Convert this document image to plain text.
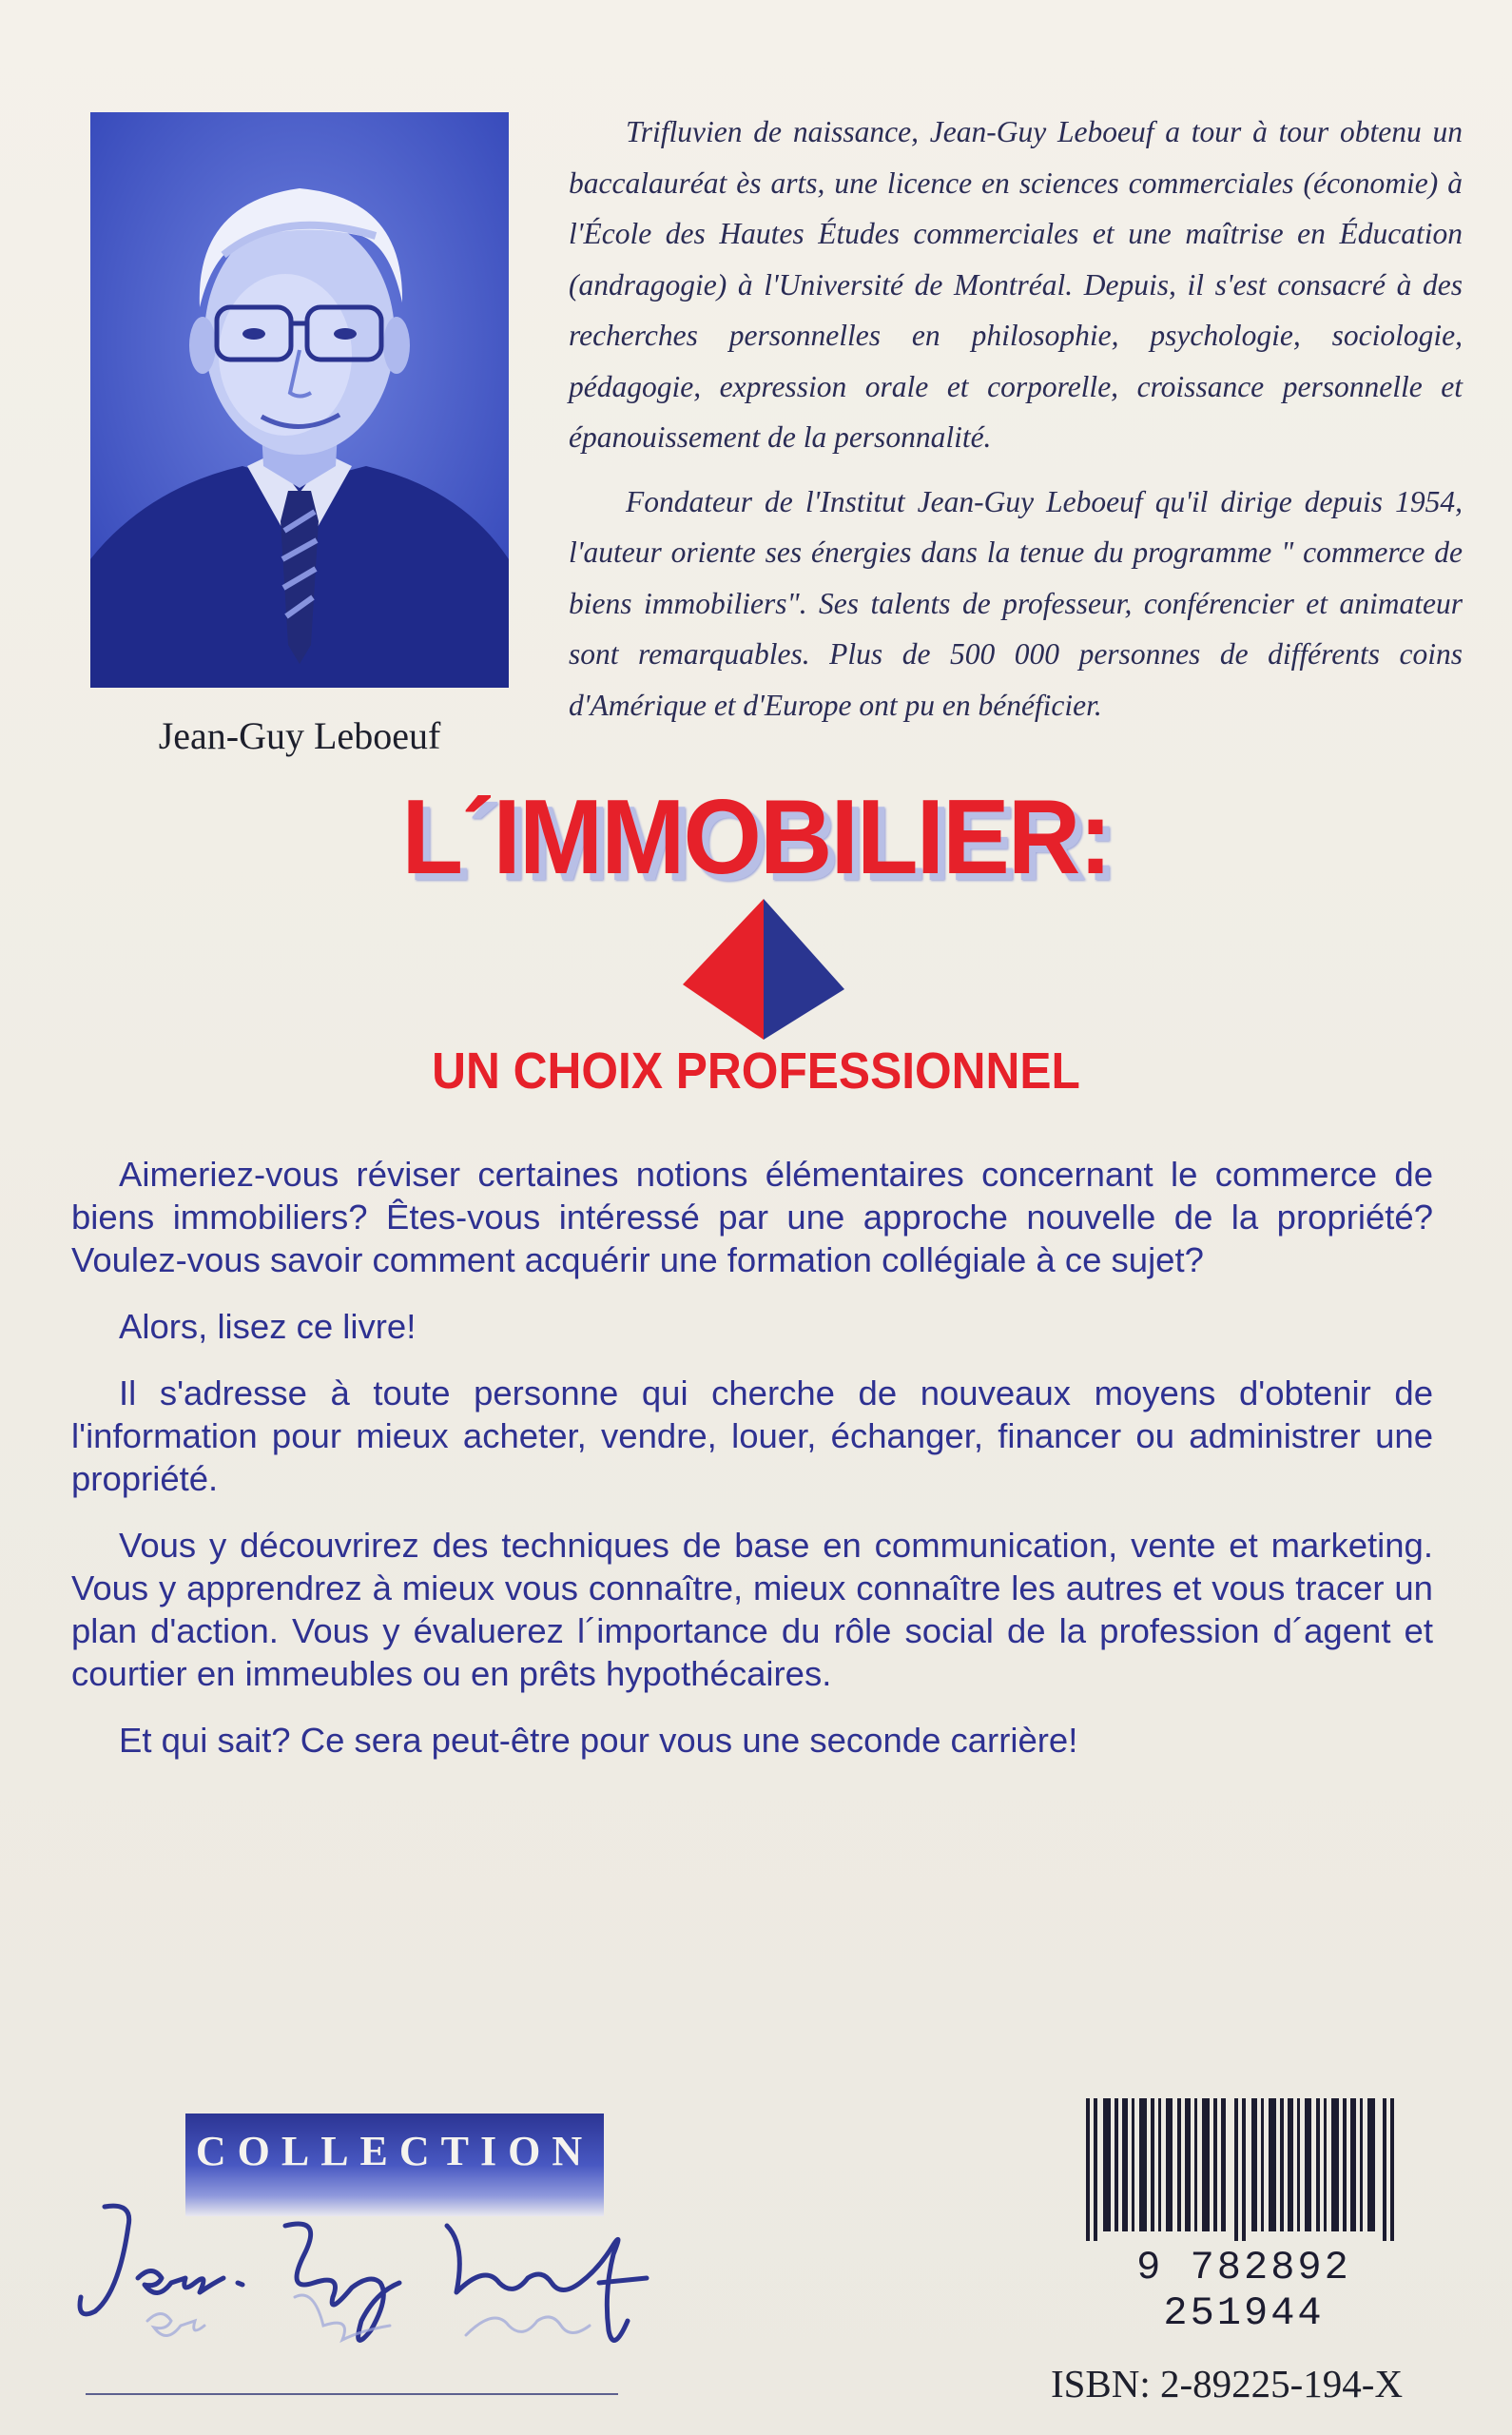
Jean-Guy Leboeuf

Trifluvien de naissance, Jean-Guy Leboeuf a tour à tour obtenu un baccalauréat ès arts, une licence en sciences commerciales (économie) à l'École des Hautes Études commerciales et une maîtrise en Éducation (andragogie) à l'Université de Montréal. Depuis, il s'est consacré à des recherches personnelles en philosophie, psychologie, sociologie, pédagogie, expression orale et corporelle, croissance personnelle et épanouissement de la personnalité.

Fondateur de l'Institut Jean-Guy Leboeuf qu'il dirige depuis 1954, l'auteur oriente ses énergies dans la tenue du programme " commerce de biens immobiliers". Ses talents de professeur, conférencier et animateur sont remarquables. Plus de 500 000 personnes de différents coins d'Amérique et d'Europe ont pu en bénéficier.

L´IMMOBILIER:
UN CHOIX PROFESSIONNEL

Aimeriez-vous réviser certaines notions élémentaires concernant le commerce de biens immobiliers? Êtes-vous intéressé par une approche nouvelle de la propriété? Voulez-vous savoir comment acquérir une formation collégiale à ce sujet?

Alors, lisez ce livre!

Il s'adresse à toute personne qui cherche de nouveaux moyens d'obtenir de l'information pour mieux acheter, vendre, louer, échanger, financer ou administrer une propriété.

Vous y découvrirez des techniques de base en communication, vente et marketing. Vous y apprendrez à mieux vous connaître, mieux connaître les autres et vous tracer un plan d'action. Vous y évaluerez l´importance du rôle social de la profession d´agent et courtier en immeubles ou en prêts hypothécaires.

Et qui sait? Ce sera peut-être pour vous une seconde carrière!

COLLECTION
9 782892 251944
ISBN: 2-89225-194-X
